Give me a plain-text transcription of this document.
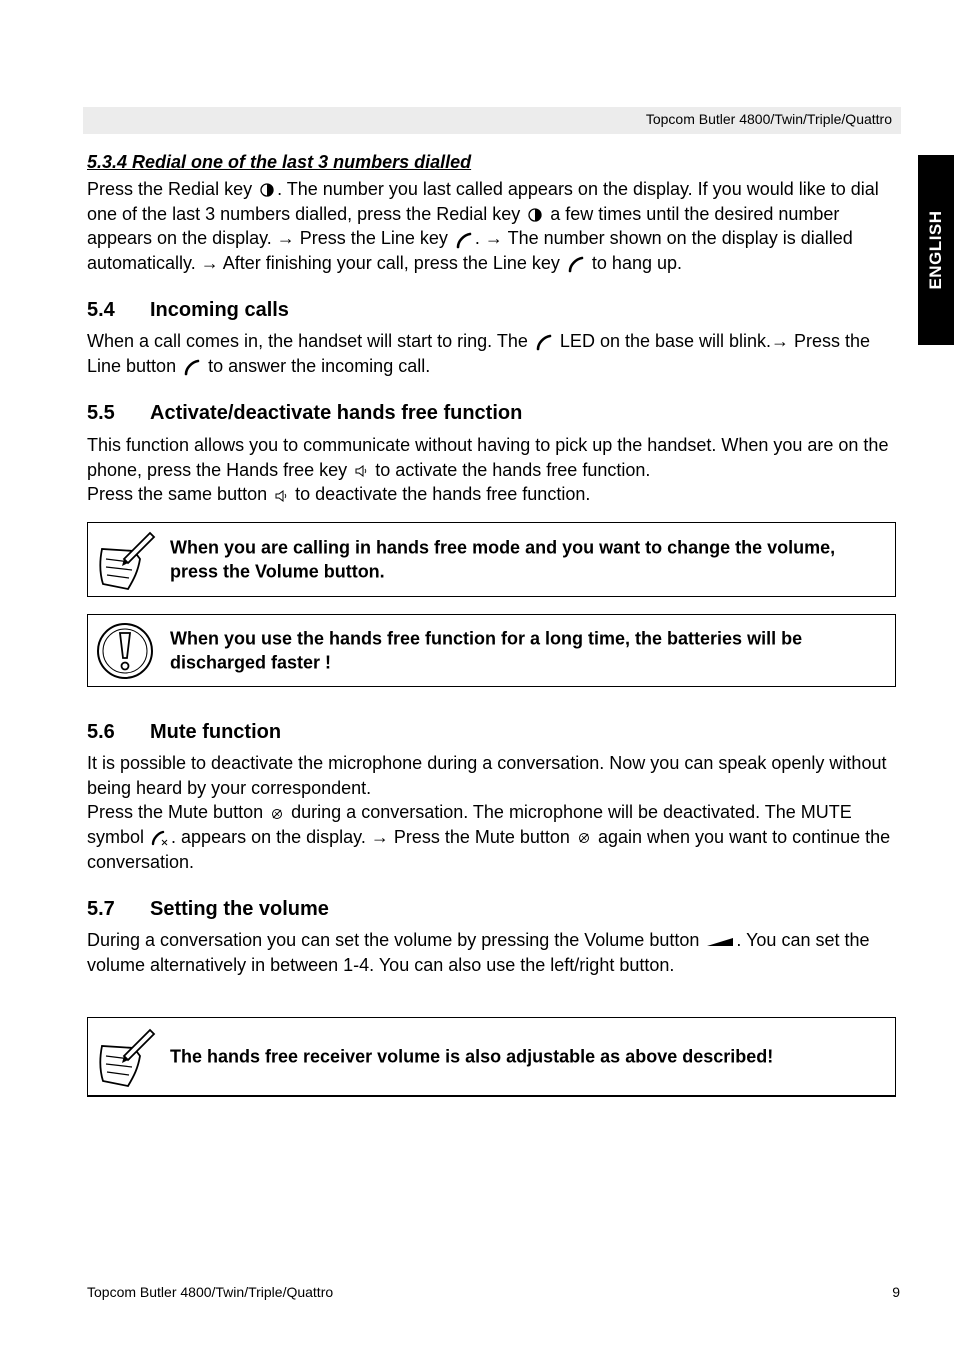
Topcom Butler 4800/Twin/Triple/Quattro
ENGLISH
5.3.4 Redial one of the last 3 numbers dialled
Press the Redial key . The number you last called appears on the display. If you would like to dial one of the last 3 numbers dialled, press the Redial key a few times until the desired number appears on the display. → Press the Line key . → The number shown on the display is dialled automatically. → After finishing your call, press the Line key to hang up.
5.4 Incoming calls
When a call comes in, the handset will start to ring. The LED on the base will blink.→ Press the Line button to answer the incoming call.
5.5 Activate/deactivate hands free function
This function allows you to communicate without having to pick up the handset. When you are on the phone, press the Hands free key to activate the hands free function.
Press the same button to deactivate the hands free function.
When you are calling in hands free mode and you want to change the volume, press the Volume button.
When you use the hands free function for a long time, the batteries will be discharged faster !
5.6 Mute function
It is possible to deactivate the microphone during a conversation. Now you can speak openly without being heard by your correspondent.
Press the Mute button during a conversation. The microphone will be deactivated. The MUTE symbol . appears on the display. → Press the Mute button again when you want to continue the conversation.
5.7 Setting the volume
During a conversation you can set the volume by pressing the Volume button . You can set the volume alternatively in between 1-4. You can also use the left/right button.
The hands free receiver volume is also adjustable as above described!
Topcom Butler 4800/Twin/Triple/Quattro	9
